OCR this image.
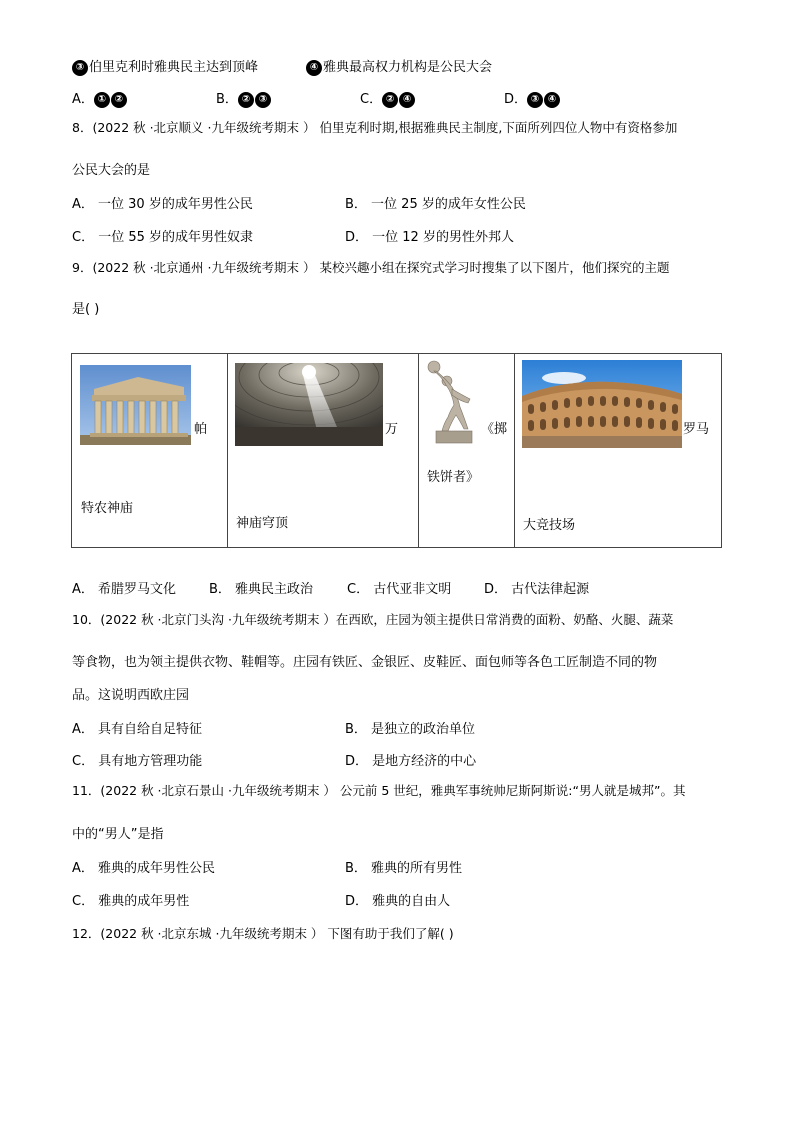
③ 伯里克利时雅典民主达到顶峰	④ 雅典最高权力机构是公民大会
A． ① ②	B． ② ③	C． ② ④	D． ③ ④
8．(2022 秋 ·北京顺义 ·九年级统考期末 ） 伯里克利时期,根据雅典民主制度,下面所列四位人物中有资格参加
公民大会的是
A． 一位 30 岁的成年男性公民	B． 一位 25 岁的成年女性公民
C． 一位 55 岁的成年男性奴隶	D． 一位 12 岁的男性外邦人
9．(2022 秋 ·北京通州 ·九年级统考期末 ） 某校兴趣小组在探究式学习时搜集了以下图片，他们探究的主题
是( )
帕
特农神庙

万
神庙穹顶

《掷
铁饼者》

罗马
大竞技场
A． 希腊罗马文化	B． 雅典民主政治	C． 古代亚非文明	D． 古代法律起源
10．(2022 秋 ·北京门头沟 ·九年级统考期末 ）在西欧，庄园为领主提供日常消费的面粉、奶酪、火腿、蔬菜
等食物，也为领主提供衣物、鞋帽等。庄园有铁匠、金银匠、皮鞋匠、面包师等各色工匠制造不同的物
品。这说明西欧庄园
A． 具有自给自足特征	B． 是独立的政治单位
C． 具有地方管理功能	D． 是地方经济的中心
11．(2022 秋 ·北京石景山 ·九年级统考期末 ） 公元前 5 世纪，雅典军事统帅尼斯阿斯说:“男人就是城邦”。其
中的“男人”是指
A． 雅典的成年男性公民	B． 雅典的所有男性
C． 雅典的成年男性	D． 雅典的自由人
12．(2022 秋 ·北京东城 ·九年级统考期末 ） 下图有助于我们了解( )
